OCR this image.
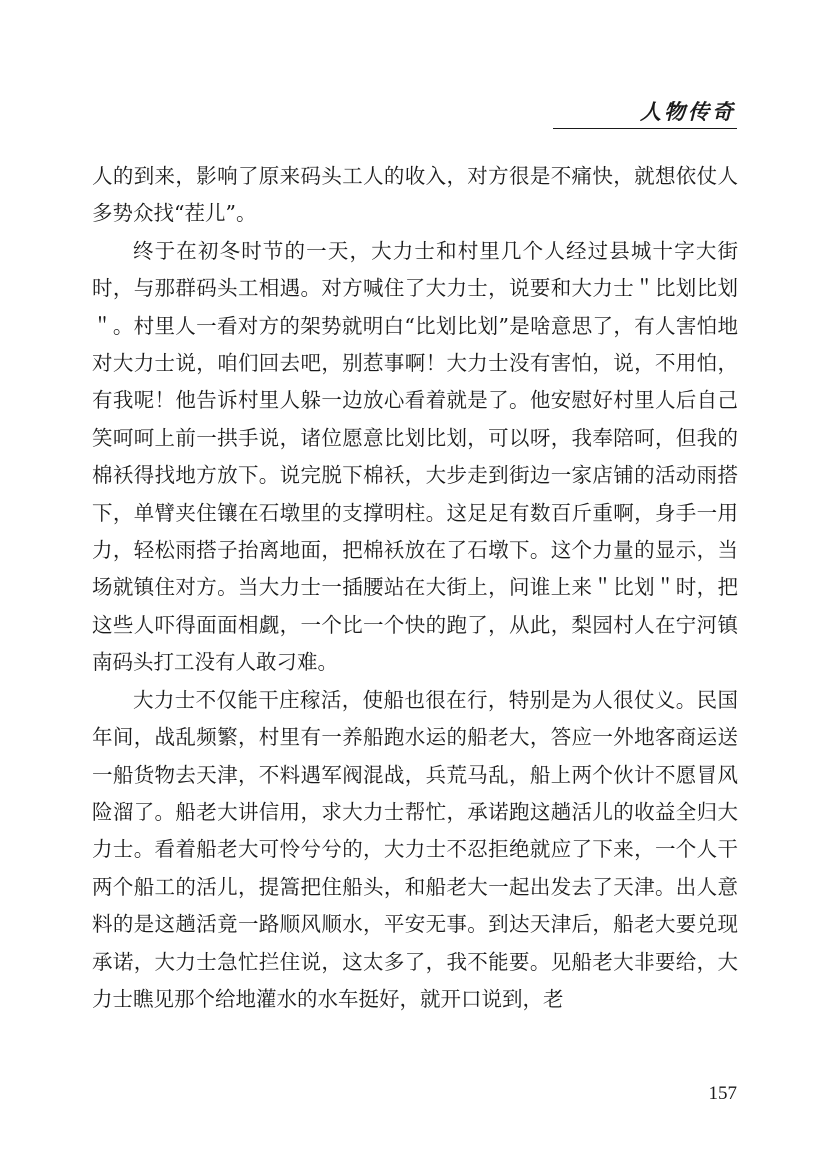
人物传奇

人的到来，影响了原来码头工人的收入，对方很是不痛快，就想依仗人多势众找“茬儿”。

终于在初冬时节的一天，大力士和村里几个人经过县城十字大街时，与那群码头工相遇。对方喊住了大力士，说要和大力士＂比划比划＂。村里人一看对方的架势就明白“比划比划”是啥意思了，有人害怕地对大力士说，咱们回去吧，别惹事啊！大力士没有害怕，说，不用怕，有我呢！他告诉村里人躲一边放心看着就是了。他安慰好村里人后自己笑呵呵上前一拱手说，诸位愿意比划比划，可以呀，我奉陪呵，但我的棉袄得找地方放下。说完脱下棉袄，大步走到街边一家店铺的活动雨搭下，单臂夹住镶在石墩里的支撑明柱。这足足有数百斤重啊，身手一用力，轻松雨搭子抬离地面，把棉袄放在了石墩下。这个力量的显示，当场就镇住对方。当大力士一插腰站在大街上，问谁上来＂比划＂时，把这些人吓得面面相觑，一个比一个快的跑了，从此，梨园村人在宁河镇南码头打工没有人敢刁难。

大力士不仅能干庄稼活，使船也很在行，特别是为人很仗义。民国年间，战乱频繁，村里有一养船跑水运的船老大，答应一外地客商运送一船货物去天津，不料遇军阀混战，兵荒马乱，船上两个伙计不愿冒风险溜了。船老大讲信用，求大力士帮忙，承诺跑这趟活儿的收益全归大力士。看着船老大可怜兮兮的，大力士不忍拒绝就应了下来，一个人干两个船工的活儿，提篙把住船头，和船老大一起出发去了天津。出人意料的是这趟活竟一路顺风顺水，平安无事。到达天津后，船老大要兑现承诺，大力士急忙拦住说，这太多了，我不能要。见船老大非要给，大力士瞧见那个给地灌水的水车挺好，就开口说到，老

157
